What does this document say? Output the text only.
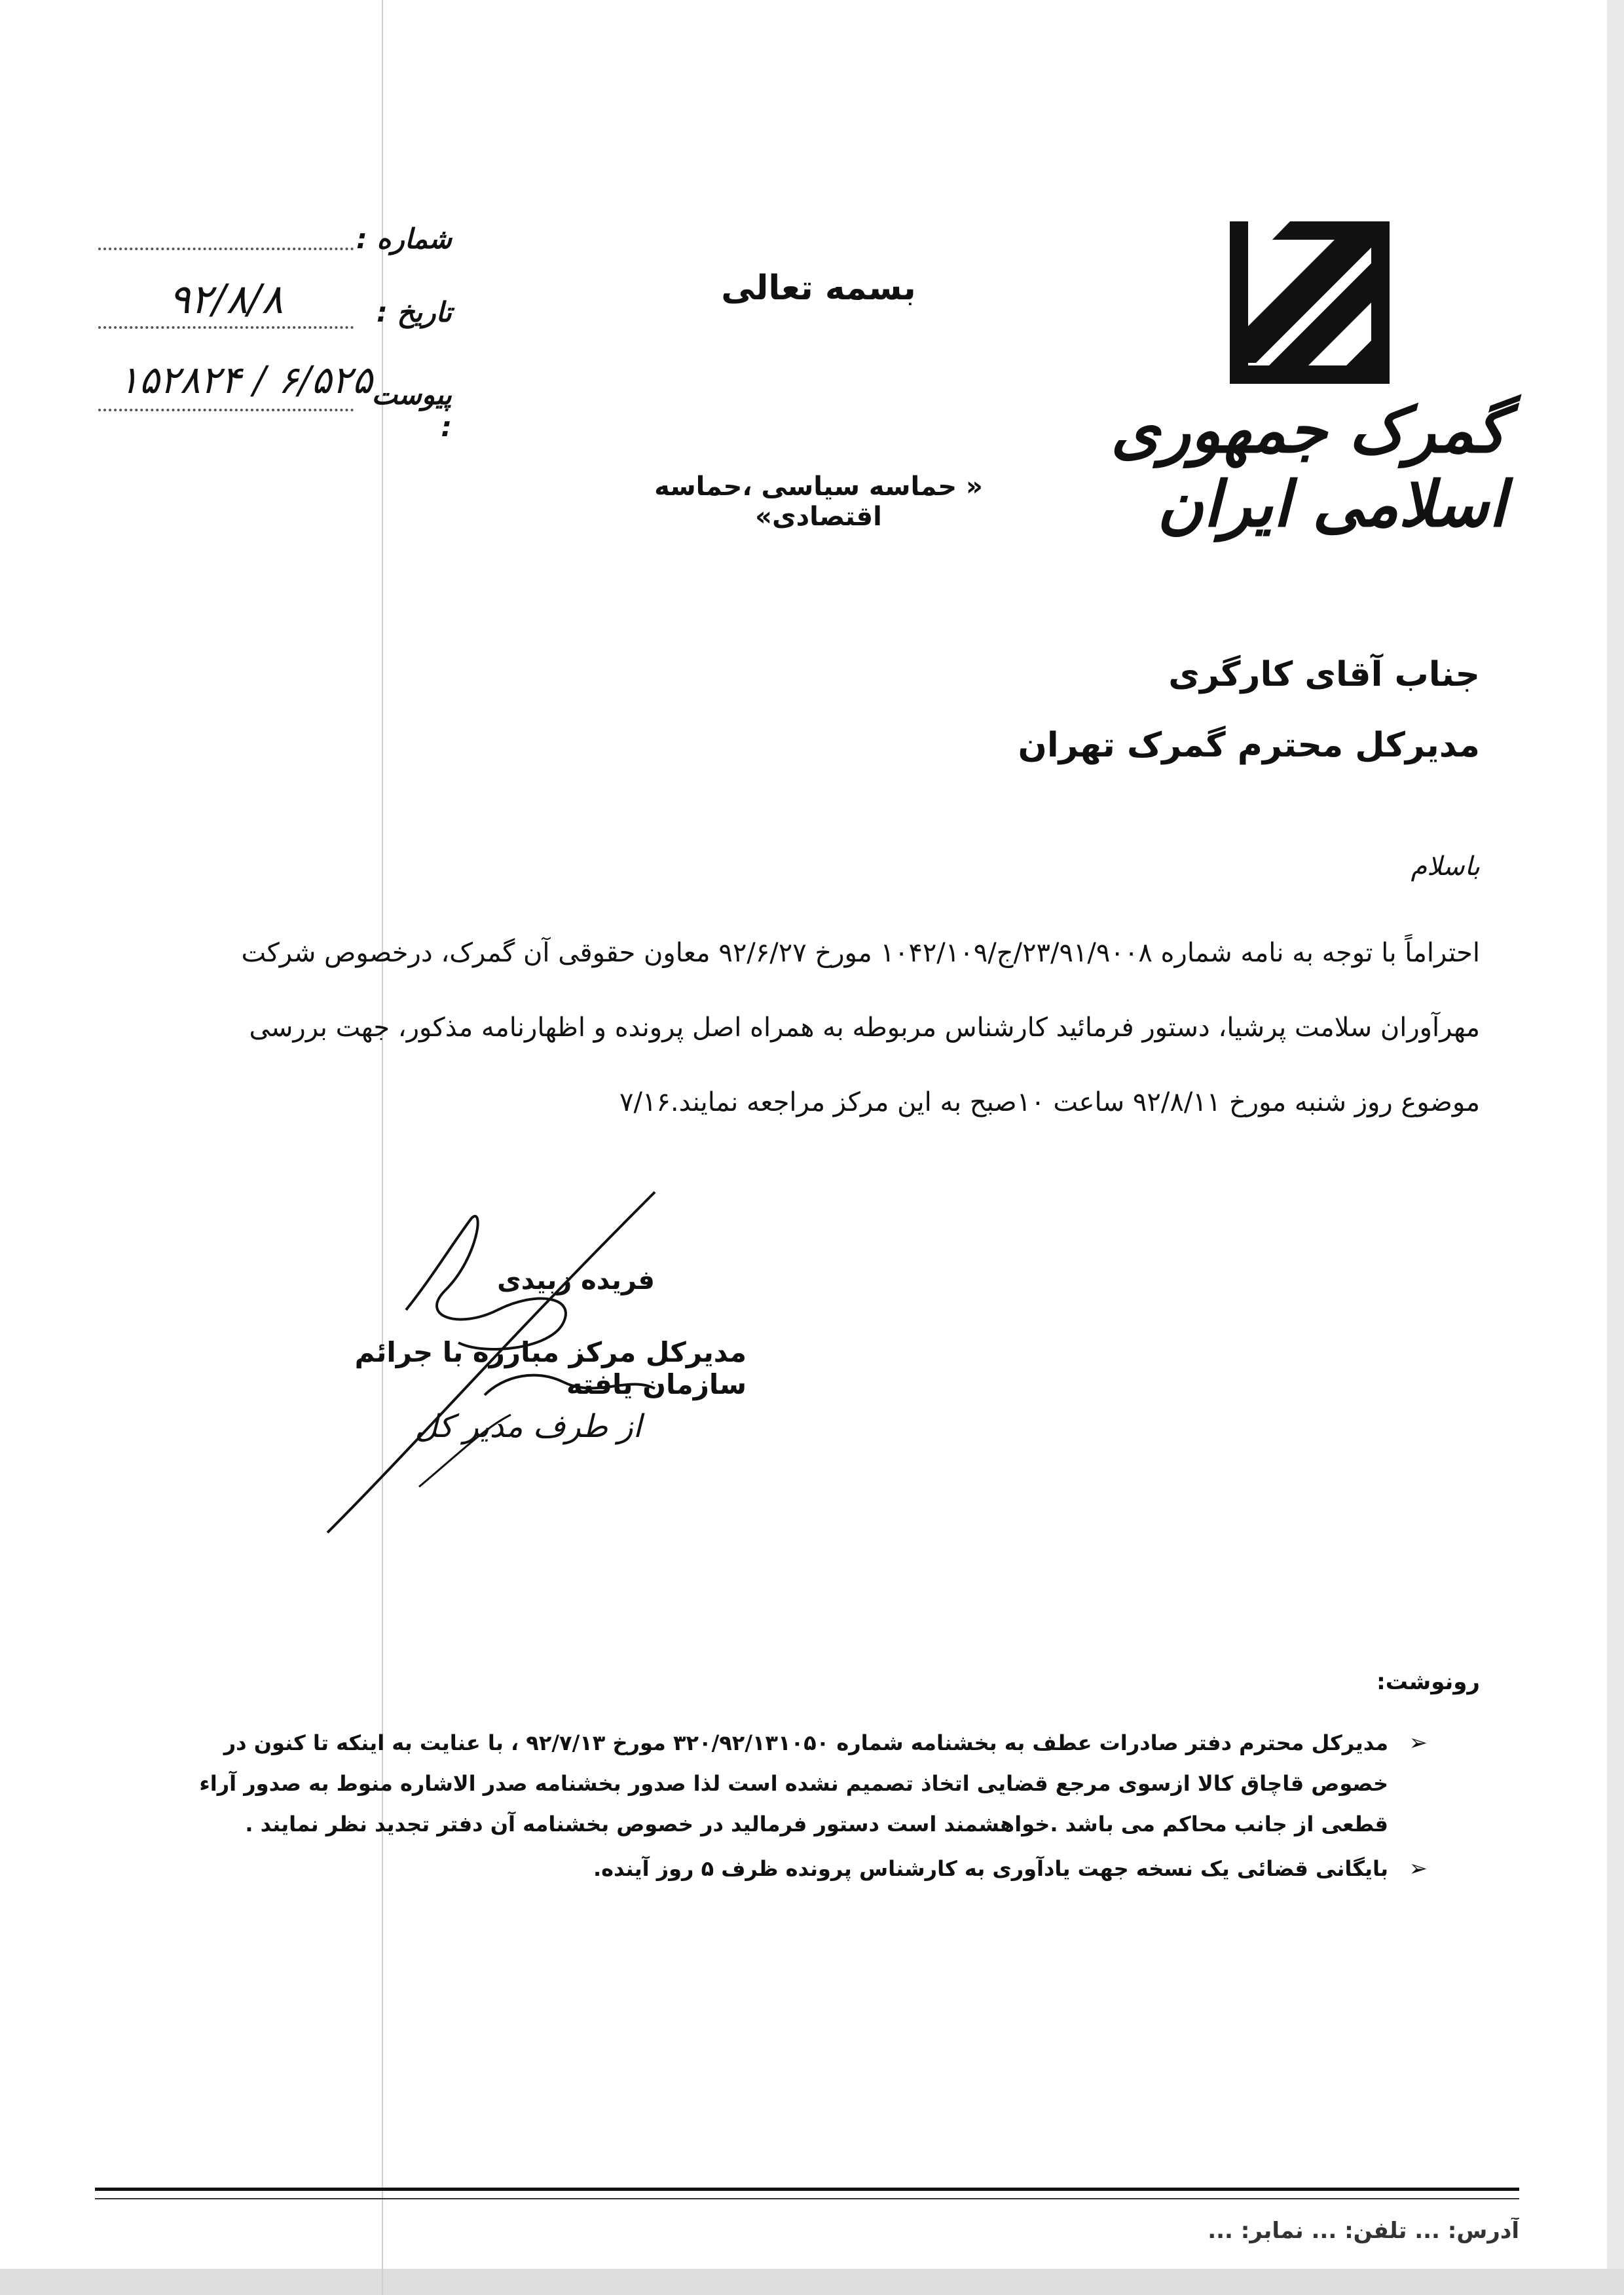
گمرک جمهوری اسلامی ایران
بسمه تعالی
« حماسه سیاسی ،حماسه اقتصادی»
شماره :
تاریخ :
۹۲/۸/۸
پیوست :
۱۵۲۸۲۴ / ۶/۵۲۵
جناب آقای کارگری
مدیرکل محترم گمرک تهران
باسلام
احتراماً با توجه به نامه شماره ۲۳/۹۱/۹۰۰۸/ج/۱۰۴۲/۱۰۹ مورخ ۹۲/۶/۲۷ معاون حقوقی آن گمرک، درخصوص شرکت مهرآوران سلامت پرشیا، دستور فرمائید کارشناس مربوطه به همراه اصل پرونده و اظهارنامه مذکور، جهت بررسی موضوع روز شنبه مورخ ۹۲/۸/۱۱ ساعت ۱۰صبح به این مرکز مراجعه نمایند.۷/۱۶
فریده زبیدی
مدیرکل مرکز مبارزه با جرائم سازمان یافته
از طرف مدیر کل
رونوشت:
➢
مدیرکل محترم دفتر صادرات عطف به بخشنامه شماره ۳۲۰/۹۲/۱۳۱۰۵۰ مورخ ۹۲/۷/۱۳ ، با عنایت به اینکه تا کنون در خصوص قاچاق کالا ازسوی مرجع قضایی اتخاذ تصمیم نشده است لذا صدور بخشنامه صدر الاشاره منوط به صدور آراء قطعی از جانب محاکم می باشد .خواهشمند است دستور فرمالید در خصوص بخشنامه آن دفتر تجدید نظر نمایند .
➢
بایگانی قضائی یک نسخه جهت یادآوری به کارشناس پرونده ظرف ۵ روز آینده.
آدرس: ... تلفن: ... نمابر: ...
